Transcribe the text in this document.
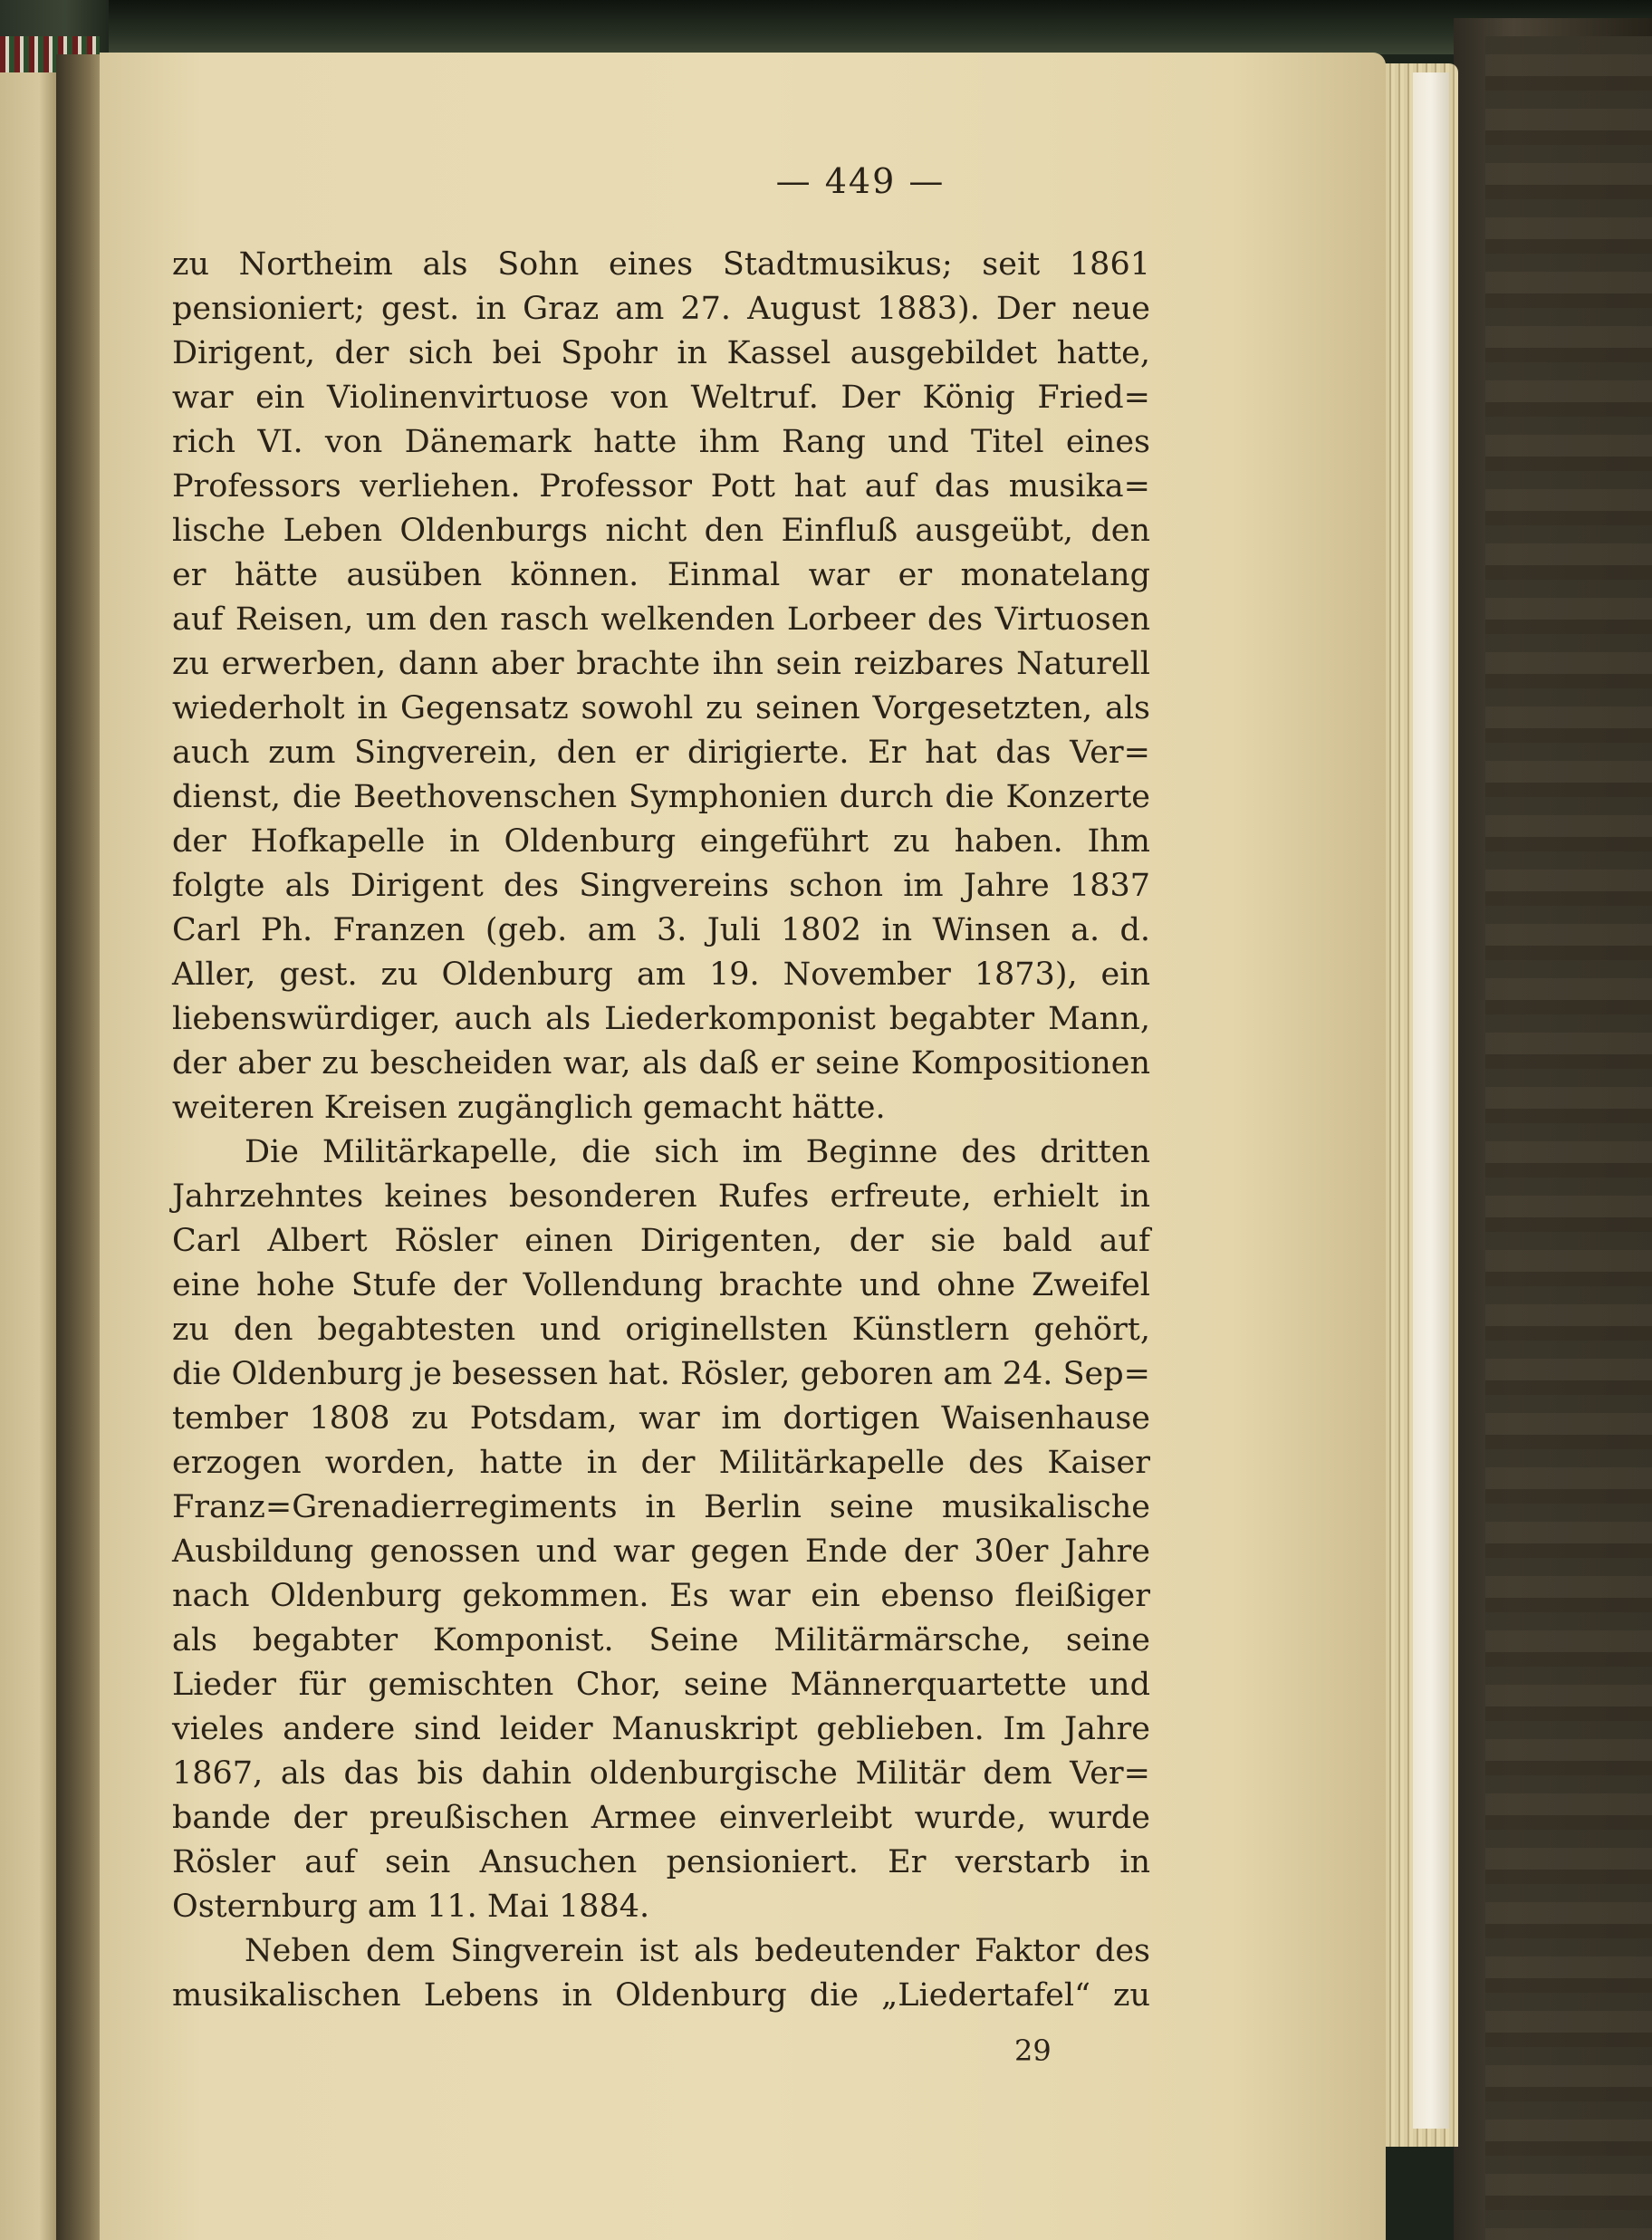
— 449 —
zu Northeim als Sohn eines Stadtmusikus; seit 1861
pensioniert; gest. in Graz am 27. August 1883). Der neue
Dirigent, der sich bei Spohr in Kassel ausgebildet hatte,
war ein Violinenvirtuose von Weltruf. Der König Fried=
rich VI. von Dänemark hatte ihm Rang und Titel eines
Professors verliehen. Professor Pott hat auf das musika=
lische Leben Oldenburgs nicht den Einfluß ausgeübt, den
er hätte ausüben können. Einmal war er monatelang
auf Reisen, um den rasch welkenden Lorbeer des Virtuosen
zu erwerben, dann aber brachte ihn sein reizbares Naturell
wiederholt in Gegensatz sowohl zu seinen Vorgesetzten, als
auch zum Singverein, den er dirigierte. Er hat das Ver=
dienst, die Beethovenschen Symphonien durch die Konzerte
der Hofkapelle in Oldenburg eingeführt zu haben. Ihm
folgte als Dirigent des Singvereins schon im Jahre 1837
Carl Ph. Franzen (geb. am 3. Juli 1802 in Winsen a. d.
Aller, gest. zu Oldenburg am 19. November 1873), ein
liebenswürdiger, auch als Liederkomponist begabter Mann,
der aber zu bescheiden war, als daß er seine Kompositionen
weiteren Kreisen zugänglich gemacht hätte.
Die Militärkapelle, die sich im Beginne des dritten
Jahrzehntes keines besonderen Rufes erfreute, erhielt in
Carl Albert Rösler einen Dirigenten, der sie bald auf
eine hohe Stufe der Vollendung brachte und ohne Zweifel
zu den begabtesten und originellsten Künstlern gehört,
die Oldenburg je besessen hat. Rösler, geboren am 24. Sep=
tember 1808 zu Potsdam, war im dortigen Waisenhause
erzogen worden, hatte in der Militärkapelle des Kaiser
Franz=Grenadierregiments in Berlin seine musikalische
Ausbildung genossen und war gegen Ende der 30er Jahre
nach Oldenburg gekommen. Es war ein ebenso fleißiger
als begabter Komponist. Seine Militärmärsche, seine
Lieder für gemischten Chor, seine Männerquartette und
vieles andere sind leider Manuskript geblieben. Im Jahre
1867, als das bis dahin oldenburgische Militär dem Ver=
bande der preußischen Armee einverleibt wurde, wurde
Rösler auf sein Ansuchen pensioniert. Er verstarb in
Osternburg am 11. Mai 1884.
Neben dem Singverein ist als bedeutender Faktor des
musikalischen Lebens in Oldenburg die „Liedertafel“ zu
29
